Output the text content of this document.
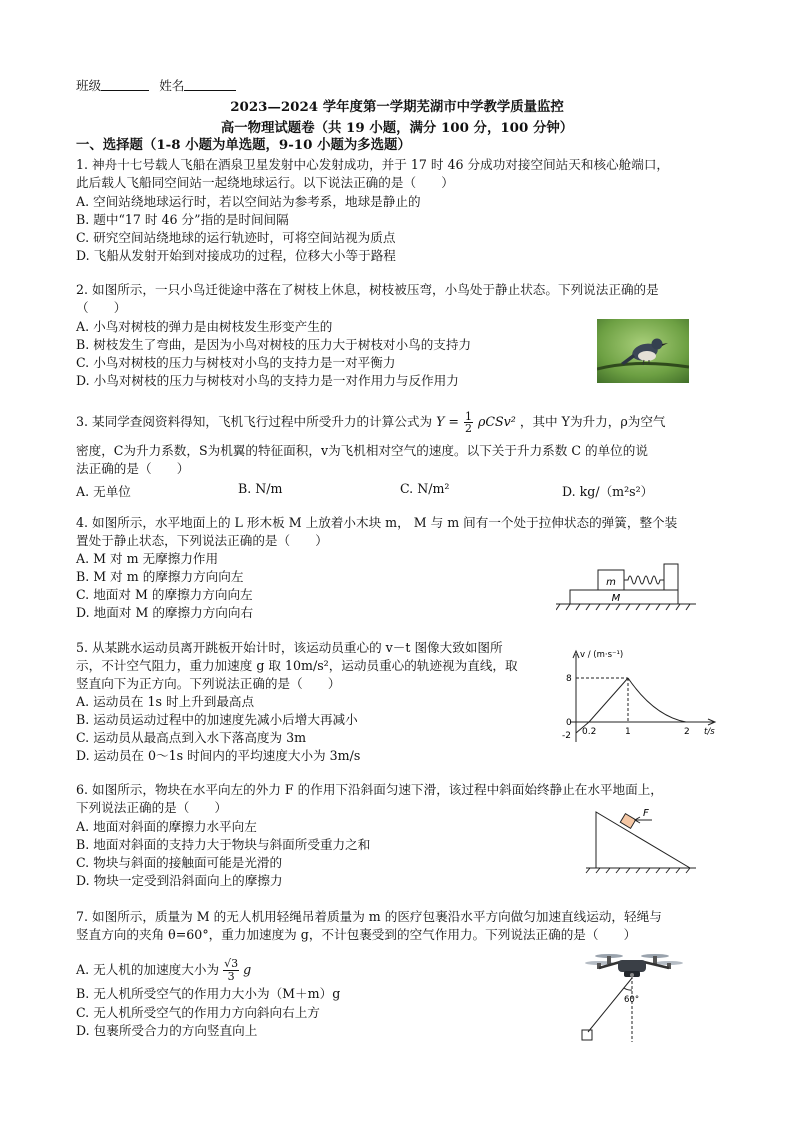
班级	姓名
2023—2024 学年度第一学期芜湖市中学教学质量监控
高一物理试题卷（共 19 小题，满分 100 分，100 分钟）
一、选择题（1-8 小题为单选题，9-10 小题为多选题）
1. 神舟十七号载人飞船在酒泉卫星发射中心发射成功，并于 17 时 46 分成功对接空间站天和核心舱端口，
此后载人飞船同空间站一起绕地球运行。以下说法正确的是（　　）
A. 空间站绕地球运行时，若以空间站为参考系，地球是静止的
B. 题中“17 时 46 分”指的是时间间隔
C. 研究空间站绕地球的运行轨迹时，可将空间站视为质点
D. 飞船从发射开始到对接成功的过程，位移大小等于路程
2. 如图所示，一只小鸟迁徙途中落在了树枝上休息，树枝被压弯，小鸟处于静止状态。下列说法正确的是
（　　）
A. 小鸟对树枝的弹力是由树枝发生形变产生的
B. 树枝发生了弯曲，是因为小鸟对树枝的压力大于树枝对小鸟的支持力
C. 小鸟对树枝的压力与树枝对小鸟的支持力是一对平衡力
D. 小鸟对树枝的压力与树枝对小鸟的支持力是一对作用力与反作用力
3. 某同学查阅资料得知，飞机飞行过程中所受升力的计算公式为 $Y = \frac{1}{2} \rho CSv^2$ ，其中 Y为升力，ρ为空气
密度，C为升力系数，S为机翼的特征面积，v为飞机相对空气的速度。以下关于升力系数 C 的单位的说
法正确的是（　　）
A. 无单位	B. N/m	C. N/m²	D. kg/（m²s²）
4. 如图所示，水平地面上的 L 形木板 M 上放着小木块 m， M 与 m 间有一个处于拉伸状态的弹簧，整个装
置处于静止状态，下列说法正确的是（　　）
A. M 对 m 无摩擦力作用
B. M 对 m 的摩擦力方向向左
C. 地面对 M 的摩擦力方向向左
D. 地面对 M 的摩擦力方向向右
m
M
5. 从某跳水运动员离开跳板开始计时，该运动员重心的 v－t 图像大致如图所
示，不计空气阻力，重力加速度 g 取 10m/s²，运动员重心的轨迹视为直线，取
竖直向下为正方向。下列说法正确的是（　　）
A. 运动员在 1s 时上升到最高点
B. 运动员运动过程中的加速度先减小后增大再减小
C. 运动员从最高点到入水下落高度为 3m
D. 运动员在 0～1s 时间内的平均速度大小为 3m/s
v / (m·s⁻¹)
t/s
8
0
-2 0.2	1	2
6. 如图所示，物块在水平向左的外力 F 的作用下沿斜面匀速下滑，该过程中斜面始终静止在水平地面上，
下列说法正确的是（　　）
A. 地面对斜面的摩擦力水平向左
B. 地面对斜面的支持力大于物块与斜面所受重力之和
C. 物块与斜面的接触面可能是光滑的
D. 物块一定受到沿斜面向上的摩擦力
F
7. 如图所示，质量为 M 的无人机用轻绳吊着质量为 m 的医疗包裹沿水平方向做匀加速直线运动，轻绳与
竖直方向的夹角 θ=60°，重力加速度为 g，不计包裹受到的空气作用力。下列说法正确的是（　　）
A. 无人机的加速度大小为 $\frac{√3}{3}$ g
B. 无人机所受空气的作用力大小为（M＋m）g
C. 无人机所受空气的作用力方向斜向右上方
D. 包裹所受合力的方向竖直向上
60°
